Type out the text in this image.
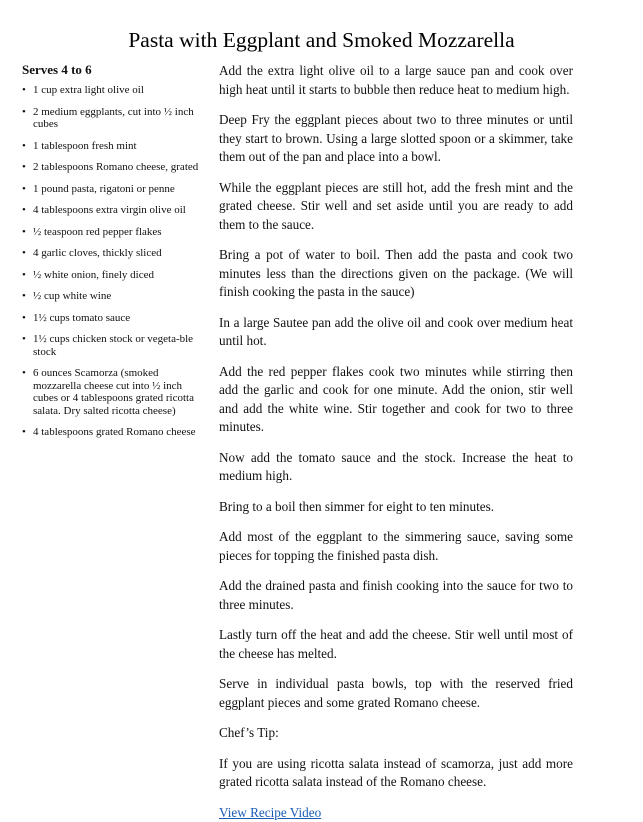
Pasta with Eggplant and Smoked Mozzarella
Serves 4 to 6
• 1 cup extra light olive oil
• 2 medium eggplants, cut into ½ inch cubes
• 1 tablespoon fresh mint
• 2 tablespoons Romano cheese, grated
• 1 pound pasta, rigatoni or penne
• 4 tablespoons extra virgin olive oil
• ½ teaspoon red pepper flakes
• 4 garlic cloves, thickly sliced
• ½ white onion, finely diced
• ½ cup white wine
• 1½ cups tomato sauce
• 1½ cups chicken stock or vegeta-ble stock
• 6 ounces Scamorza (smoked mozzarella cheese cut into ½ inch cubes or 4 tablespoons grated ricotta salata. Dry salted ricotta cheese)
• 4 tablespoons grated Romano cheese

Add the extra light olive oil to a large sauce pan and cook over high heat until it starts to bubble then reduce heat to medium high.

Deep Fry the eggplant pieces about two to three minutes or until they start to brown. Using a large slotted spoon or a skimmer, take them out of the pan and place into a bowl.

While the eggplant pieces are still hot, add the fresh mint and the grated cheese. Stir well and set aside until you are ready to add them to the sauce.

Bring a pot of water to boil. Then add the pasta and cook two minutes less than the directions given on the package. (We will finish cooking the pasta in the sauce)

In a large Sautee pan add the olive oil and cook over medium heat until hot.

Add the red pepper flakes cook two minutes while stirring then add the garlic and cook for one minute. Add the onion, stir well and add the white wine. Stir together and cook for two to three minutes.

Now add the tomato sauce and the stock. Increase the heat to medium high.

Bring to a boil then simmer for eight to ten minutes.

Add most of the eggplant to the simmering sauce, saving some pieces for topping the finished pasta dish.

Add the drained pasta and finish cooking into the sauce for two to three minutes.

Lastly turn off the heat and add the cheese. Stir well until most of the cheese has melted.

Serve in individual pasta bowls, top with the reserved fried eggplant pieces and some grated Romano cheese.

Chef’s Tip:

If you are using ricotta salata instead of scamorza, just add more grated ricotta salata instead of the Romano cheese.

View Recipe Video
